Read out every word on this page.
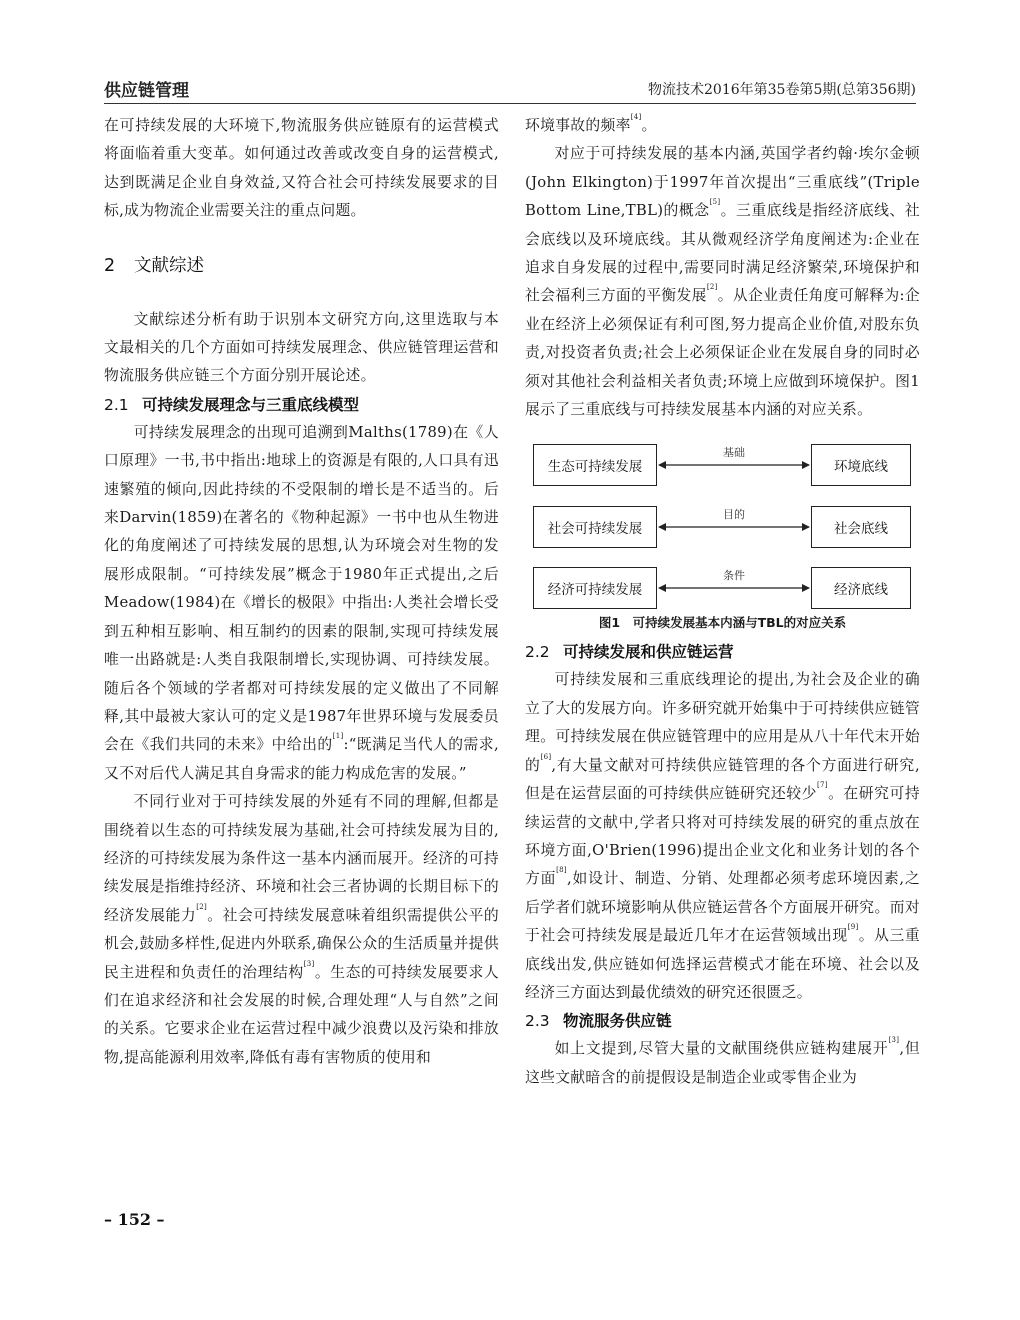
供应链管理	物流技术2016年第35卷第5期(总第356期)

在可持续发展的大环境下,物流服务供应链原有的运营模式将面临着重大变革。如何通过改善或改变自身的运营模式,达到既满足企业自身效益,又符合社会可持续发展要求的目标,成为物流企业需要关注的重点问题。

2 文献综述

文献综述分析有助于识别本文研究方向,这里选取与本文最相关的几个方面如可持续发展理念、供应链管理运营和物流服务供应链三个方面分别开展论述。

2.1 可持续发展理念与三重底线模型

可持续发展理念的出现可追溯到Malths(1789)在《人口原理》一书,书中指出:地球上的资源是有限的,人口具有迅速繁殖的倾向,因此持续的不受限制的增长是不适当的。后来Darvin(1859)在著名的《物种起源》一书中也从生物进化的角度阐述了可持续发展的思想,认为环境会对生物的发展形成限制。“可持续发展”概念于1980年正式提出,之后Meadow(1984)在《增长的极限》中指出:人类社会增长受到五种相互影响、相互制约的因素的限制,实现可持续发展唯一出路就是:人类自我限制增长,实现协调、可持续发展。随后各个领域的学者都对可持续发展的定义做出了不同解释,其中最被大家认可的定义是1987年世界环境与发展委员会在《我们共同的未来》中给出的[1]:“既满足当代人的需求,又不对后代人满足其自身需求的能力构成危害的发展。”

不同行业对于可持续发展的外延有不同的理解,但都是围绕着以生态的可持续发展为基础,社会可持续发展为目的,经济的可持续发展为条件这一基本内涵而展开。经济的可持续发展是指维持经济、环境和社会三者协调的长期目标下的经济发展能力[2]。社会可持续发展意味着组织需提供公平的机会,鼓励多样性,促进内外联系,确保公众的生活质量并提供民主进程和负责任的治理结构[3]。生态的可持续发展要求人们在追求经济和社会发展的时候,合理处理“人与自然”之间的关系。它要求企业在运营过程中减少浪费以及污染和排放物,提高能源利用效率,降低有毒有害物质的使用和

环境事故的频率[4]。

对应于可持续发展的基本内涵,英国学者约翰·埃尔金顿(John Elkington)于1997年首次提出“三重底线”(Triple Bottom Line,TBL)的概念[5]。三重底线是指经济底线、社会底线以及环境底线。其从微观经济学角度阐述为:企业在追求自身发展的过程中,需要同时满足经济繁荣,环境保护和社会福利三方面的平衡发展[2]。从企业责任角度可解释为:企业在经济上必须保证有利可图,努力提高企业价值,对股东负责,对投资者负责;社会上必须保证企业在发展自身的同时必须对其他社会利益相关者负责;环境上应做到环境保护。图1展示了三重底线与可持续发展基本内涵的对应关系。

生态可持续发展
基础
环境底线
社会可持续发展
目的
社会底线
经济可持续发展
条件
经济底线

图1　可持续发展基本内涵与TBL的对应关系

2.2 可持续发展和供应链运营

可持续发展和三重底线理论的提出,为社会及企业的确立了大的发展方向。许多研究就开始集中于可持续供应链管理。可持续发展在供应链管理中的应用是从八十年代末开始的[6],有大量文献对可持续供应链管理的各个方面进行研究,但是在运营层面的可持续供应链研究还较少[7]。在研究可持续运营的文献中,学者只将对可持续发展的研究的重点放在环境方面,O'Brien(1996)提出企业文化和业务计划的各个方面[8],如设计、制造、分销、处理都必须考虑环境因素,之后学者们就环境影响从供应链运营各个方面展开研究。而对于社会可持续发展是最近几年才在运营领域出现[9]。从三重底线出发,供应链如何选择运营模式才能在环境、社会以及经济三方面达到最优绩效的研究还很匮乏。

2.3 物流服务供应链

如上文提到,尽管大量的文献围绕供应链构建展开[3],但这些文献暗含的前提假设是制造企业或零售企业为

– 152 –
